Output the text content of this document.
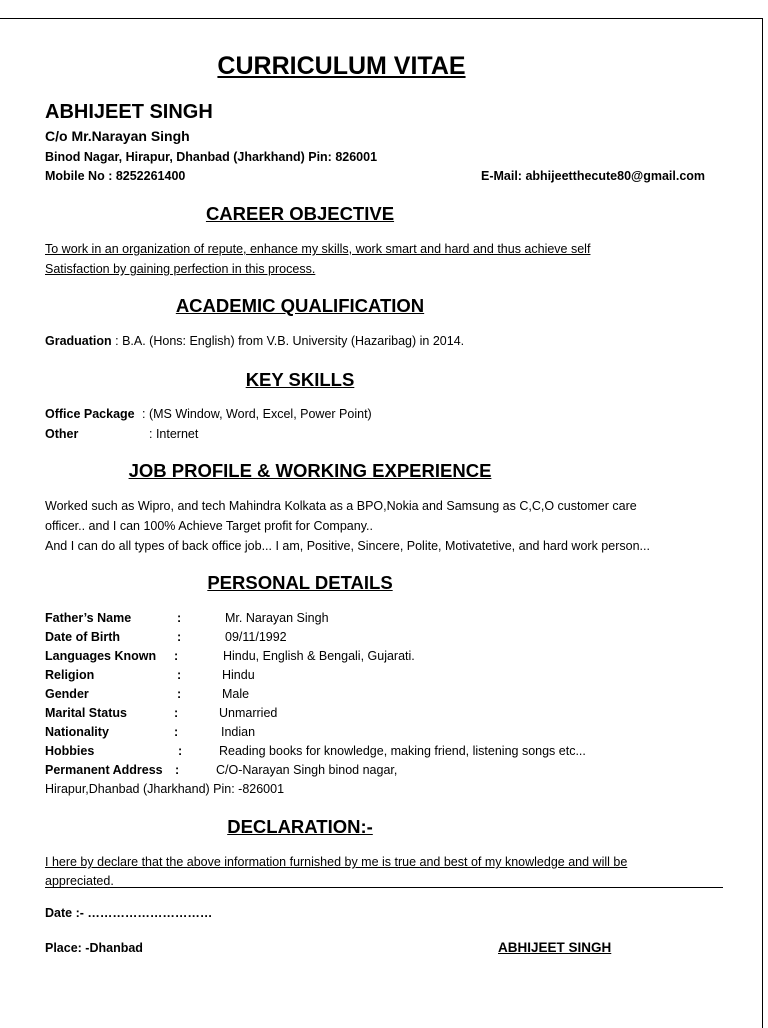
CURRICULUM VITAE
ABHIJEET SINGH
C/o Mr.Narayan Singh
Binod Nagar, Hirapur, Dhanbad (Jharkhand) Pin: 826001
Mobile No : 8252261400	E-Mail: abhijeetthecute80@gmail.com
CAREER OBJECTIVE
To work in an organization of repute, enhance my skills, work smart and hard and thus achieve self
Satisfaction by gaining perfection in this process.
ACADEMIC QUALIFICATION
Graduation : B.A. (Hons: English) from V.B. University (Hazaribag) in 2014.
KEY SKILLS
Office Package : (MS Window, Word, Excel, Power Point)
Other	: Internet
JOB PROFILE & WORKING EXPERIENCE
Worked such as Wipro, and tech Mahindra Kolkata as a BPO,Nokia and Samsung as C,C,O customer care
officer.. and I can 100% Achieve Target profit for Company..
And I can do all types of back office job... I am, Positive, Sincere, Polite, Motivatetive, and hard work person...
PERSONAL DETAILS
Father’s Name	:	Mr. Narayan Singh
Date of Birth	:	09/11/1992
Languages Known :	Hindu, English & Bengali, Gujarati.
Religion	:	Hindu
Gender	:	Male
Marital Status	:	Unmarried
Nationality	:	Indian
Hobbies	:	Reading books for knowledge, making friend, listening songs etc...
Permanent Address :	C/O-Narayan Singh binod nagar,
Hirapur,Dhanbad (Jharkhand) Pin: -826001
DECLARATION:-
I here by declare that the above information furnished by me is true and best of my knowledge and will be
appreciated.
Date :- …………………………
Place: -Dhanbad	ABHIJEET SINGH
